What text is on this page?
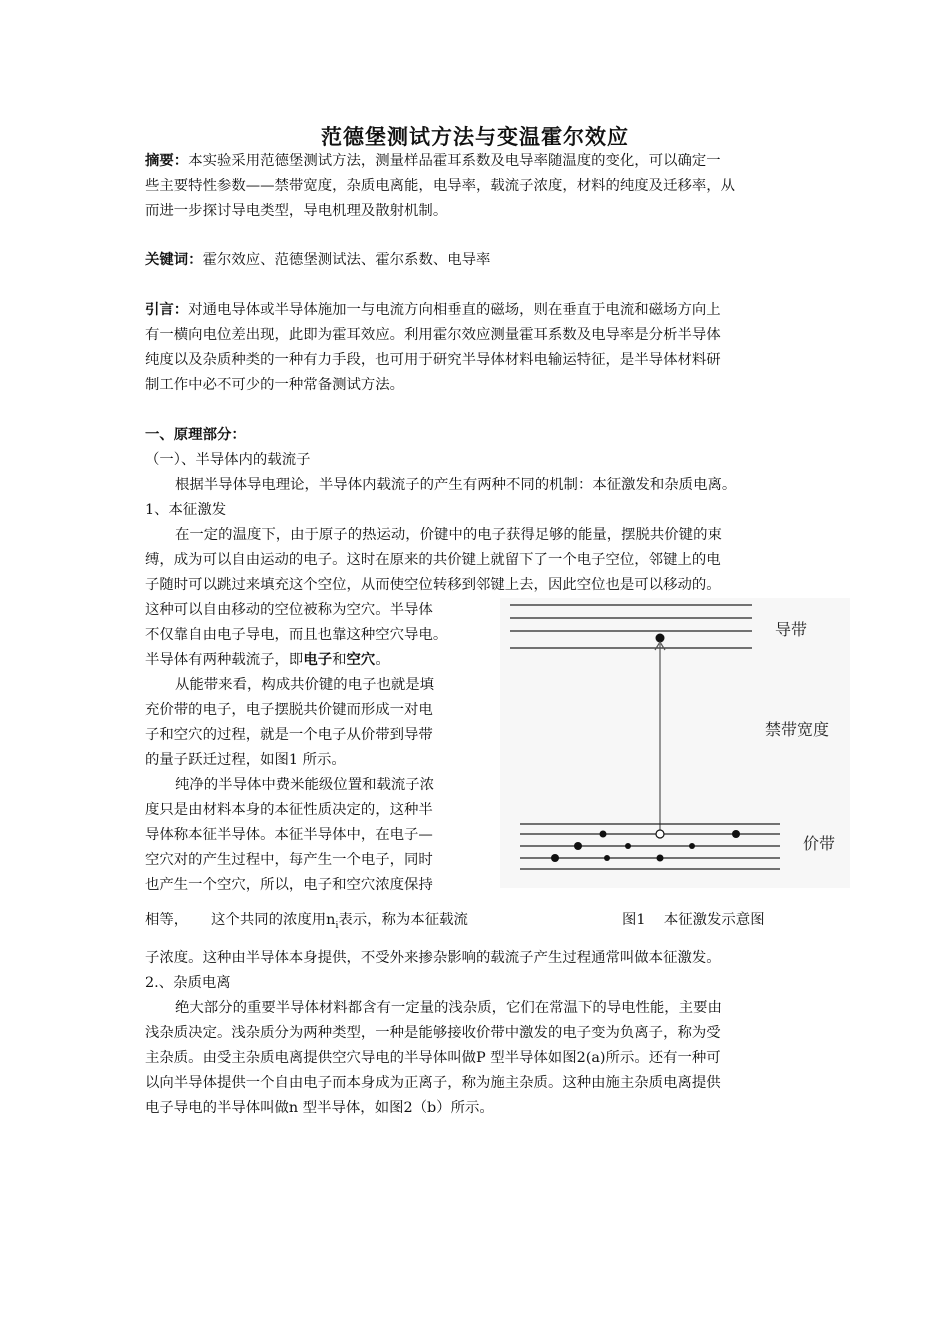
范德堡测试方法与变温霍尔效应
摘要：本实验采用范德堡测试方法，测量样品霍耳系数及电导率随温度的变化，可以确定一
些主要特性参数——禁带宽度，杂质电离能，电导率，载流子浓度，材料的纯度及迁移率，从
而进一步探讨导电类型，导电机理及散射机制。
关键词：霍尔效应、范德堡测试法、霍尔系数、电导率
引言：对通电导体或半导体施加一与电流方向相垂直的磁场，则在垂直于电流和磁场方向上
有一横向电位差出现，此即为霍耳效应。利用霍尔效应测量霍耳系数及电导率是分析半导体
纯度以及杂质种类的一种有力手段，也可用于研究半导体材料电输运特征，是半导体材料研
制工作中必不可少的一种常备测试方法。
一、原理部分：
（一）、半导体内的载流子
根据半导体导电理论，半导体内载流子的产生有两种不同的机制：本征激发和杂质电离。
1、本征激发
在一定的温度下，由于原子的热运动，价键中的电子获得足够的能量，摆脱共价键的束
缚，成为可以自由运动的电子。这时在原来的共价键上就留下了一个电子空位，邻键上的电
子随时可以跳过来填充这个空位，从而使空位转移到邻键上去，因此空位也是可以移动的。
这种可以自由移动的空位被称为空穴。半导体
不仅靠自由电子导电，而且也靠这种空穴导电。
半导体有两种载流子，即电子和空穴。
从能带来看，构成共价键的电子也就是填
充价带的电子，电子摆脱共价键而形成一对电
子和空穴的过程，就是一个电子从价带到导带
的量子跃迁过程，如图1 所示。
纯净的半导体中费米能级位置和载流子浓
度只是由材料本身的本征性质决定的，这种半
导体称本征半导体。本征半导体中，在电子—
空穴对的产生过程中，每产生一个电子，同时
也产生一个空穴，所以，电子和空穴浓度保持
相等，     这个共同的浓度用$n_i$表示，称为本征载流	图1    本征激发示意图
子浓度。这种由半导体本身提供，不受外来掺杂影响的载流子产生过程通常叫做本征激发。
2.、杂质电离
绝大部分的重要半导体材料都含有一定量的浅杂质，它们在常温下的导电性能，主要由
浅杂质决定。浅杂质分为两种类型，一种是能够接收价带中激发的电子变为负离子，称为受
主杂质。由受主杂质电离提供空穴导电的半导体叫做P 型半导体如图2(a)所示。还有一种可
以向半导体提供一个自由电子而本身成为正离子，称为施主杂质。这种由施主杂质电离提供
电子导电的半导体叫做n 型半导体，如图2（b）所示。
导带
禁带宽度
价带
